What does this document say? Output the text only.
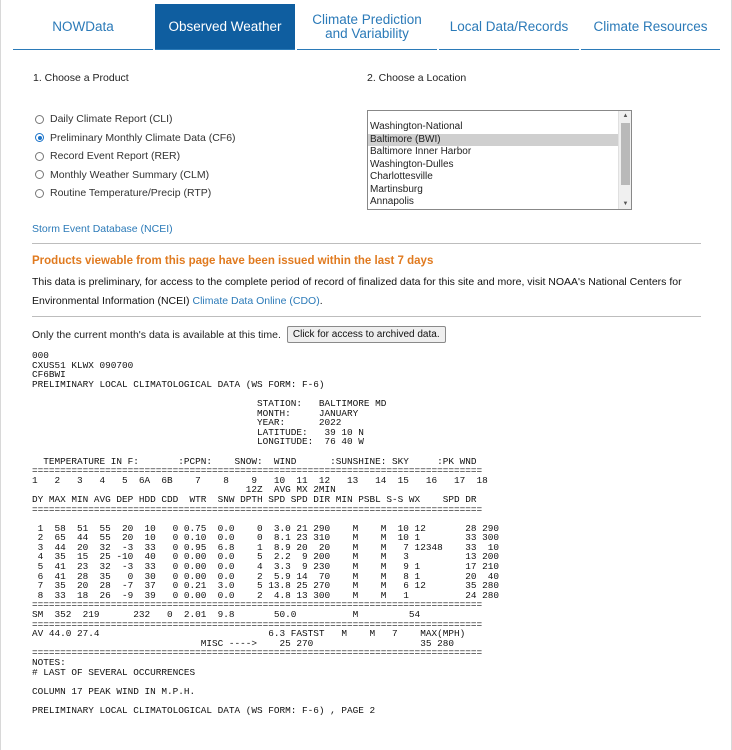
NOWData	Observed Weather Climate Prediction
and Variability	Local Data/Records Climate Resources
1. Choose a Product	2. Choose a Location
Daily Climate Report (CLI)
Preliminary Monthly Climate Data (CF6)
Record Event Report (RER)
Monthly Weather Summary (CLM)
Routine Temperature/Precip (RTP)
Washington-National
Baltimore (BWI)
Baltimore Inner Harbor
Washington-Dulles
Charlottesville
Martinsburg
Annapolis
▲
▼
Storm Event Database (NCEI)
Products viewable from this page have been issued within the last 7 days
This data is preliminary, for access to the complete period of record of finalized data for this site and more, visit NOAA's National Centers for Environmental Information (NCEI) Climate Data Online (CDO).
Only the current month's data is available at this time.	Click for access to archived data.
000
CXUS51 KLWX 090700
CF6BWI
PRELIMINARY LOCAL CLIMATOLOGICAL DATA (WS FORM: F-6)

STATION:   BALTIMORE MD
MONTH:     JANUARY
YEAR:      2022
LATITUDE:   39 10 N
LONGITUDE:  76 40 W

TEMPERATURE IN F:       :PCPN:    SNOW:  WIND      :SUNSHINE: SKY     :PK WND
================================================================================
1   2   3   4   5  6A  6B    7    8    9   10  11  12   13   14  15   16   17  18
12Z  AVG MX 2MIN
DY MAX MIN AVG DEP HDD CDD  WTR  SNW DPTH SPD SPD DIR MIN PSBL S-S WX    SPD DR
================================================================================

1  58  51  55  20  10   0 0.75  0.0    0  3.0 21 290    M    M  10 12       28 290
2  65  44  55  20  10   0 0.10  0.0    0  8.1 23 310    M    M  10 1        33 300
3  44  20  32  -3  33   0 0.95  6.8    1  8.9 20  20    M    M   7 12348    33  10
4  35  15  25 -10  40   0 0.00  0.0    5  2.2  9 200    M    M   3          13 200
5  41  23  32  -3  33   0 0.00  0.0    4  3.3  9 230    M    M   9 1        17 210
6  41  28  35   0  30   0 0.00  0.0    2  5.9 14  70    M    M   8 1        20  40
7  35  20  28  -7  37   0 0.21  3.0    5 13.8 25 270    M    M   6 12       35 280
8  33  18  26  -9  39   0 0.00  0.0    2  4.8 13 300    M    M   1          24 280
================================================================================
SM  352  219      232   0  2.01  9.8       50.0          M         54
================================================================================
AV 44.0 27.4                              6.3 FASTST   M    M   7    MAX(MPH)
MISC ---->    25 270                   35 280
================================================================================
NOTES:
# LAST OF SEVERAL OCCURRENCES

COLUMN 17 PEAK WIND IN M.P.H.

PRELIMINARY LOCAL CLIMATOLOGICAL DATA (WS FORM: F-6) , PAGE 2
